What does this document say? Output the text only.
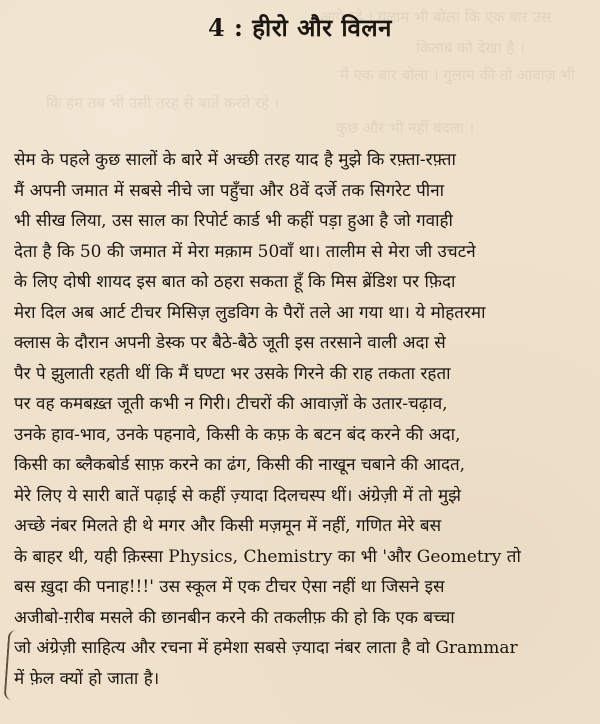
आगे रहे । गुलाम भी बोला कि एक बार उस
किताब को देखा है ।
मैं एक बार बोला । गुलाम की तो आवाज़ भी
कि हम तब भी उसी तरह से बातें करते रहे ।
कुछ और भी नहीं बदला ।
4 : हीरो और विलन
सेम के पहले कुछ सालों के बारे में अच्छी तरह याद है मुझे कि रफ़्ता-रफ़्ता
मैं अपनी जमात में सबसे नीचे जा पहुँचा और 8वें दर्जे तक सिगरेट पीना
भी सीख लिया, उस साल का रिपोर्ट कार्ड भी कहीं पड़ा हुआ है जो गवाही
देता है कि 50 की जमात में मेरा मक़ाम 50वाँ था। तालीम से मेरा जी उचटने
के लिए दोषी शायद इस बात को ठहरा सकता हूँ कि मिस ब्रेंडिश पर फ़िदा
मेरा दिल अब आर्ट टीचर मिसिज़ लुडविग के पैरों तले आ गया था। ये मोहतरमा
क्लास के दौरान अपनी डेस्क पर बैठे-बैठे जूती इस तरसाने वाली अदा से
पैर पे झुलाती रहती थीं कि मैं घण्टा भर उसके गिरने की राह तकता रहता
पर वह कमबख़्त जूती कभी न गिरी। टीचरों की आवाज़ों के उतार-चढ़ाव,
उनके हाव-भाव, उनके पहनावे, किसी के कफ़ के बटन बंद करने की अदा,
किसी का ब्लैकबोर्ड साफ़ करने का ढंग, किसी की नाखून चबाने की आदत,
मेरे लिए ये सारी बातें पढ़ाई से कहीं ज़्यादा दिलचस्प थीं। अंग्रेज़ी में तो मुझे
अच्छे नंबर मिलते ही थे मगर और किसी मज़मून में नहीं, गणित मेरे बस
के बाहर थी, यही क़िस्सा Physics, Chemistry का भी 'और Geometry तो
बस ख़ुदा की पनाह!!!' उस स्कूल में एक टीचर ऐसा नहीं था जिसने इस
अजीबो-ग़रीब मसले की छानबीन करने की तकलीफ़ की हो कि एक बच्चा
जो अंग्रेज़ी साहित्य और रचना में हमेशा सबसे ज़्यादा नंबर लाता है वो Grammar
में फ़ेल क्यों हो जाता है।
